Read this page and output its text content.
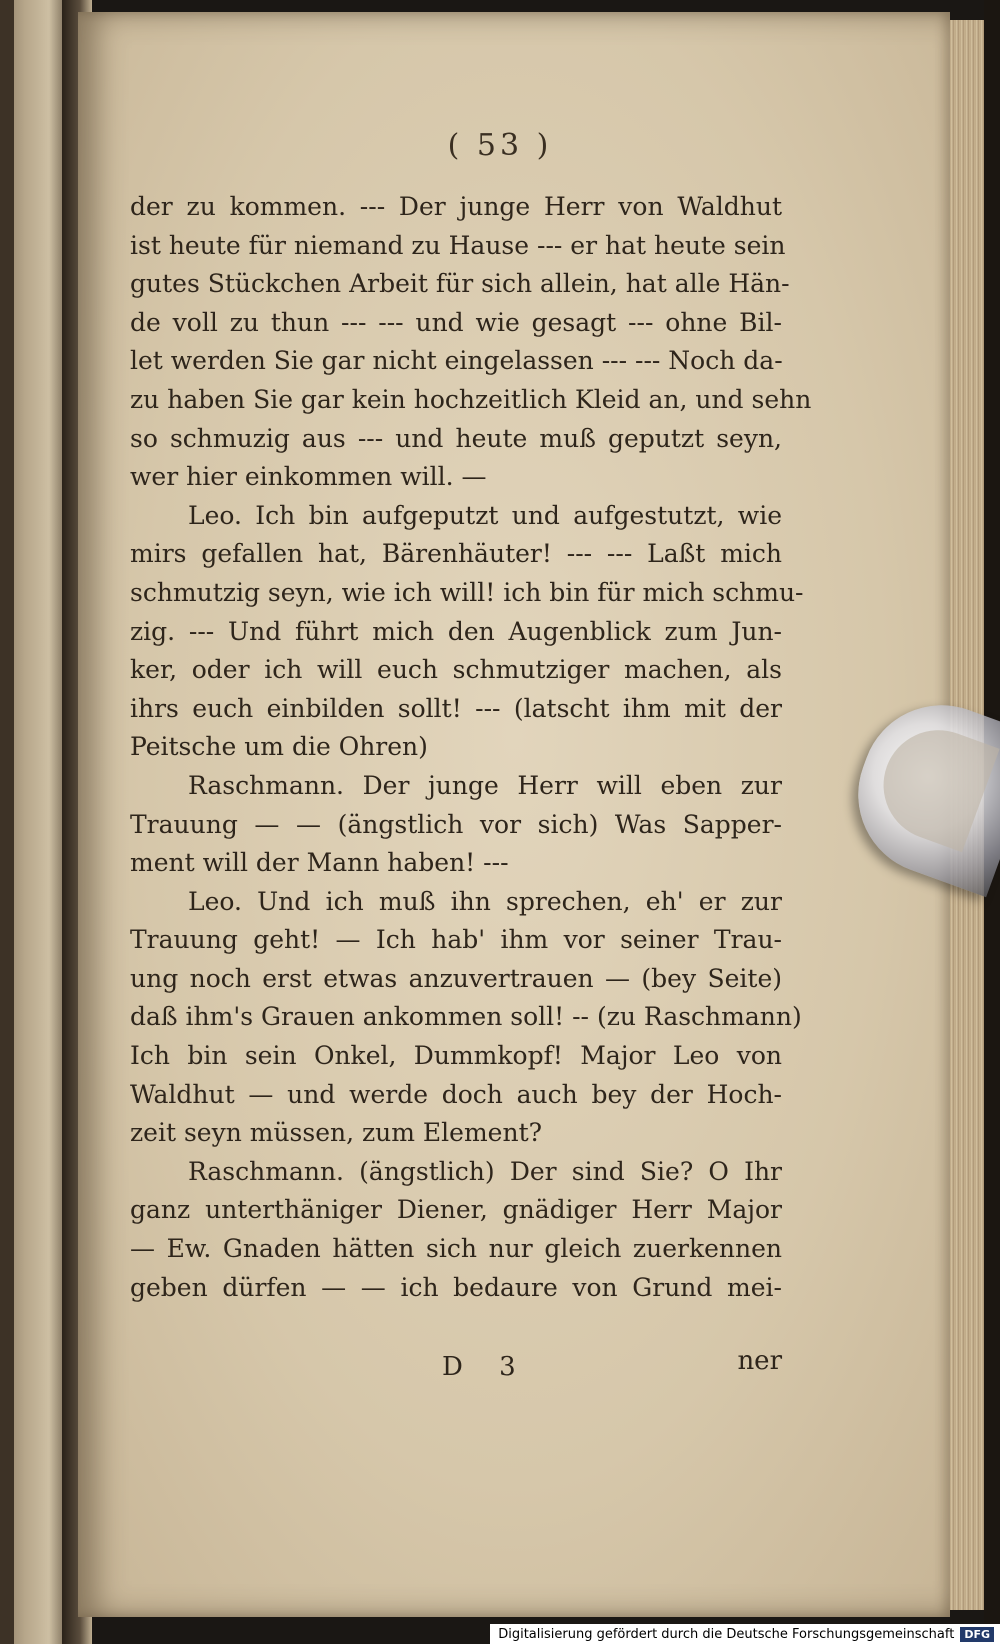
( 53 )
der zu kommen. --- Der junge Herr von Waldhut
ist heute für niemand zu Hause --- er hat heute sein
gutes Stückchen Arbeit für sich allein, hat alle Hän-
de voll zu thun --- --- und wie gesagt --- ohne Bil-
let werden Sie gar nicht eingelassen --- --- Noch da-
zu haben Sie gar kein hochzeitlich Kleid an, und sehn
so schmuzig aus --- und heute muß geputzt seyn,
wer hier einkommen will. —
Leo. Ich bin aufgeputzt und aufgestutzt, wie
mirs gefallen hat, Bärenhäuter! --- --- Laßt mich
schmutzig seyn, wie ich will! ich bin für mich schmu-
zig. --- Und führt mich den Augenblick zum Jun-
ker, oder ich will euch schmutziger machen, als
ihrs euch einbilden sollt! --- (latscht ihm mit der
Peitsche um die Ohren)
Raschmann. Der junge Herr will eben zur
Trauung — — (ängstlich vor sich) Was Sapper-
ment will der Mann haben! ---
Leo. Und ich muß ihn sprechen, eh' er zur
Trauung geht! — Ich hab' ihm vor seiner Trau-
ung noch erst etwas anzuvertrauen — (bey Seite)
daß ihm's Grauen ankommen soll! -- (zu Raschmann)
Ich bin sein Onkel, Dummkopf! Major Leo von
Waldhut — und werde doch auch bey der Hoch-
zeit seyn müssen, zum Element?
Raschmann. (ängstlich) Der sind Sie? O Ihr
ganz unterthäniger Diener, gnädiger Herr Major
— Ew. Gnaden hätten sich nur gleich zuerkennen
geben dürfen — — ich bedaure von Grund mei-
D 3	ner
Digitalisierung gefördert durch die Deutsche Forschungsgemeinschaft DFG
